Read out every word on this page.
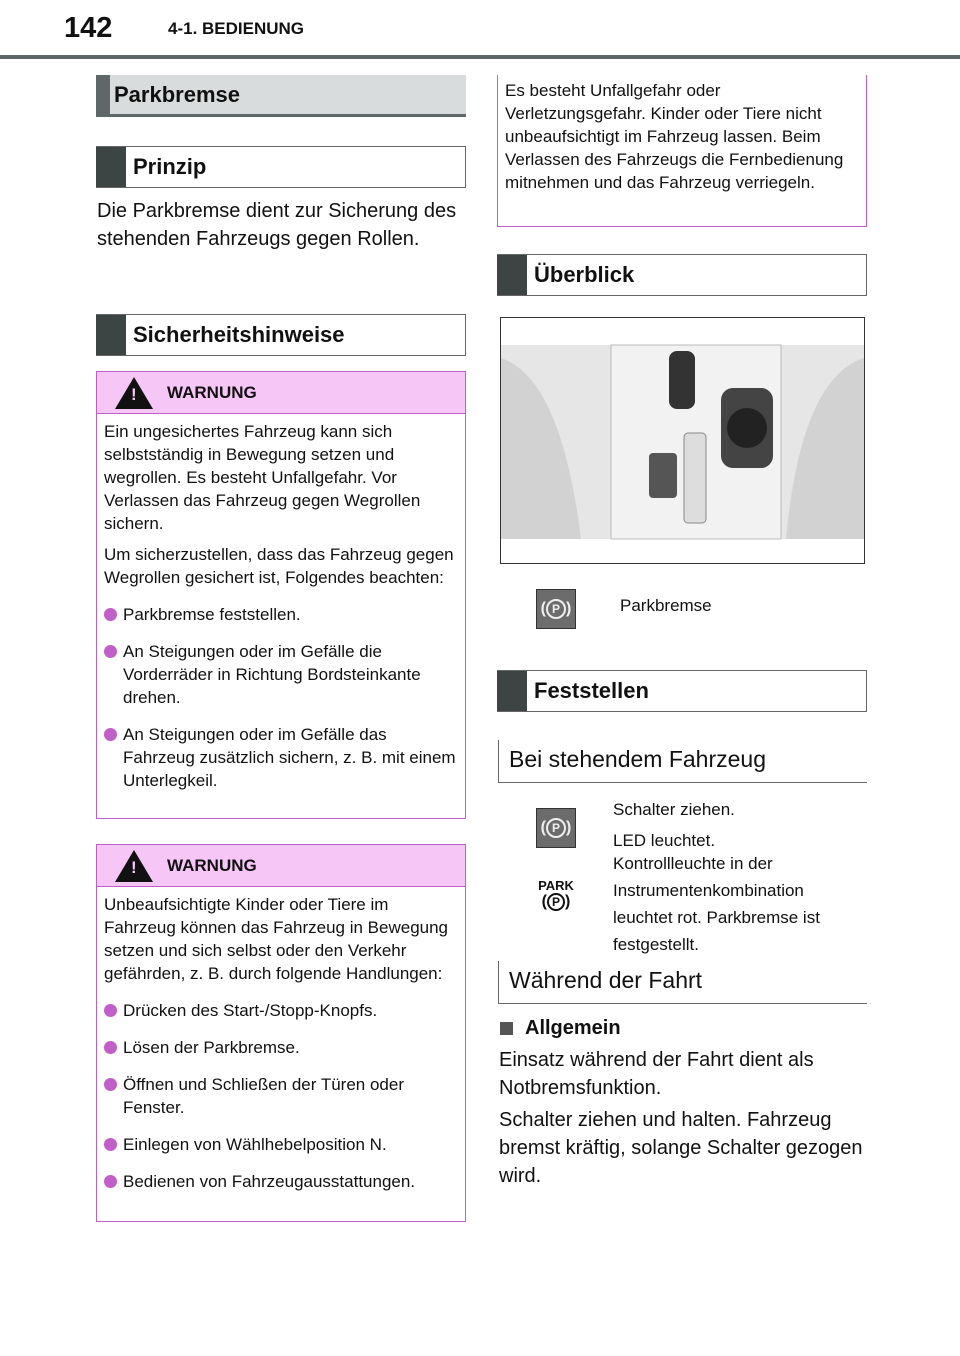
142	4-1. BEDIENUNG
Parkbremse
Prinzip
Die Parkbremse dient zur Sicherung des stehenden Fahrzeugs gegen Rollen.
Sicherheitshinweise
! WARNUNG

Ein ungesichertes Fahrzeug kann sich selbstständig in Bewegung setzen und wegrollen. Es besteht Unfallgefahr. Vor Verlassen das Fahrzeug gegen Wegrollen sichern.

Um sicherzustellen, dass das Fahrzeug gegen Wegrollen gesichert ist, Folgendes beachten:

Parkbremse feststellen.
An Steigungen oder im Gefälle die Vorderräder in Richtung Bordsteinkante drehen.
An Steigungen oder im Gefälle das Fahrzeug zusätzlich sichern, z. B. mit einem Unterlegkeil.
! WARNUNG

Unbeaufsichtigte Kinder oder Tiere im Fahrzeug können das Fahrzeug in Bewegung setzen und sich selbst oder den Verkehr gefährden, z. B. durch folgende Handlungen:

Drücken des Start-/Stopp-Knopfs.
Lösen der Parkbremse.
Öffnen und Schließen der Türen oder Fenster.
Einlegen von Wählhebelposition N.
Bedienen von Fahrzeugausstattungen.
Es besteht Unfallgefahr oder Verletzungsgefahr. Kinder oder Tiere nicht unbeaufsichtigt im Fahrzeug lassen. Beim Verlassen des Fahrzeugs die Fernbedienung mitnehmen und das Fahrzeug verriegeln.
Überblick
( P )	Parkbremse
Feststellen
Bei stehendem Fahrzeug
( P )
PARK
( P )
Schalter ziehen.
LED leuchtet.
Kontrollleuchte in der Instrumentenkombination leuchtet rot. Parkbremse ist festgestellt.
Während der Fahrt
Allgemein
Einsatz während der Fahrt dient als Notbremsfunktion.
Schalter ziehen und halten. Fahrzeug bremst kräftig, solange Schalter gezogen wird.
